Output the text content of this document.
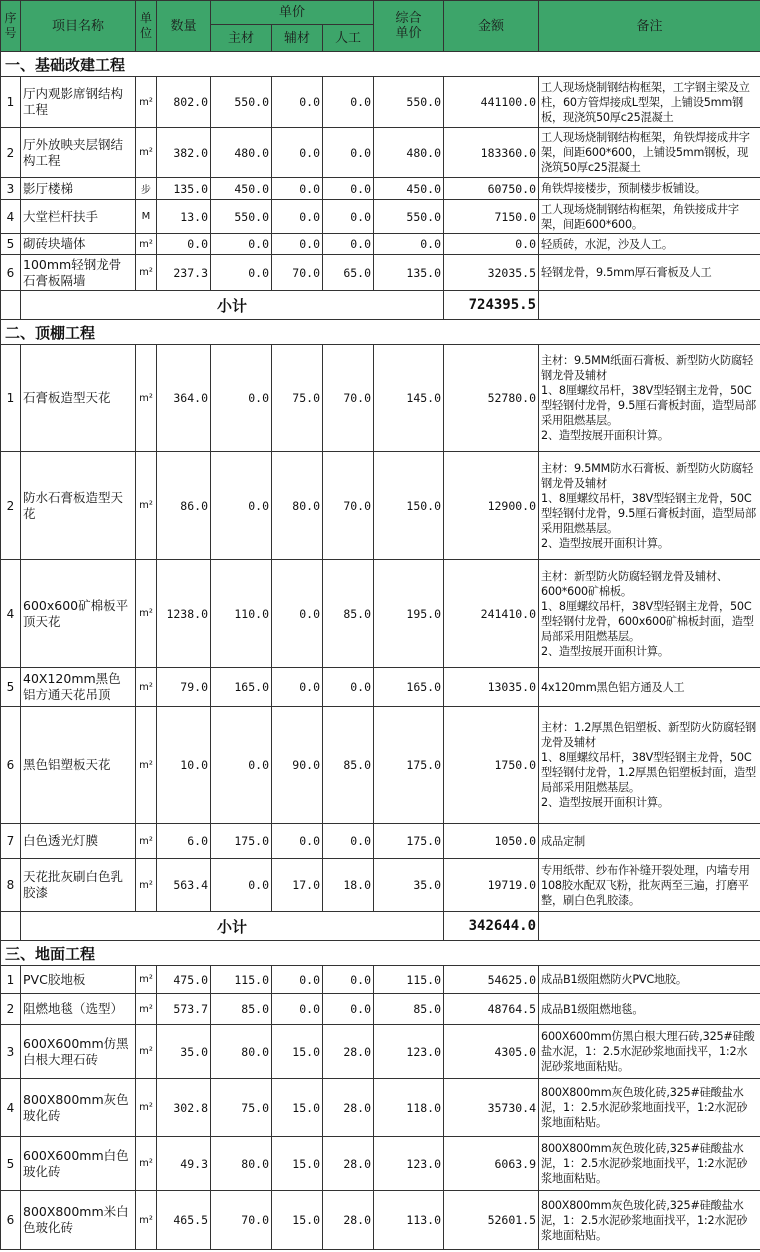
序号	项目名称	单位	数量	单价			综合单价	金额	备注
				主材	辅材	人工			
一、基础改建工程									
1	厅内观影席钢结构工程	m²	802.0	550.0	0.0	0.0	550.0	441100.0	工人现场烧制钢结构框架，工字钢主梁及立柱，60方管焊接成L型架，上铺设5mm钢板，现浇筑50厚c25混凝土
2	厅外放映夹层钢结构工程	m²	382.0	480.0	0.0	0.0	480.0	183360.0	工人现场烧制钢结构框架，角铁焊接成井字架，间距600*600，上铺设5mm钢板，现浇筑50厚c25混凝土
3	影厅楼梯	步	135.0	450.0	0.0	0.0	450.0	60750.0	角铁焊接楼步，预制楼步板铺设。
4	大堂栏杆扶手	M	13.0	550.0	0.0	0.0	550.0	7150.0	工人现场烧制钢结构框架，角铁接成井字架，间距600*600。
5	砌砖块墙体	m²	0.0	0.0	0.0	0.0	0.0	0.0	轻质砖，水泥，沙及人工。
6	100mm轻钢龙骨石膏板隔墙	m²	237.3	0.0	70.0	65.0	135.0	32035.5	轻钢龙骨，9.5mm厚石膏板及人工
	小计							724395.5	
二、顶棚工程									
1	石膏板造型天花	m²	364.0	0.0	75.0	70.0	145.0	52780.0	主材：9.5MM纸面石膏板、新型防火防腐轻钢龙骨及辅材
1、8厘螺纹吊杆，38V型轻钢主龙骨，50C型轻钢付龙骨，9.5厘石膏板封面，造型局部采用阻燃基层。
2、造型按展开面积计算。
2	防水石膏板造型天花	m²	86.0	0.0	80.0	70.0	150.0	12900.0	主材：9.5MM防水石膏板、新型防火防腐轻钢龙骨及辅材
1、8厘螺纹吊杆，38V型轻钢主龙骨，50C型轻钢付龙骨，9.5厘石膏板封面，造型局部采用阻燃基层。
2、造型按展开面积计算。
4	600x600矿棉板平顶天花	m²	1238.0	110.0	0.0	85.0	195.0	241410.0	主材：新型防火防腐轻钢龙骨及辅材、600*600矿棉板。
1、8厘螺纹吊杆，38V型轻钢主龙骨，50C型轻钢付龙骨，600x600矿棉板封面，造型局部采用阻燃基层。
2、造型按展开面积计算。
5	40X120mm黑色铝方通天花吊顶	m²	79.0	165.0	0.0	0.0	165.0	13035.0	4x120mm黑色铝方通及人工
6	黑色铝塑板天花	m²	10.0	0.0	90.0	85.0	175.0	1750.0	主材：1.2厚黑色铝塑板、新型防火防腐轻钢龙骨及辅材
1、8厘螺纹吊杆，38V型轻钢主龙骨，50C型轻钢付龙骨，1.2厚黑色铝塑板封面，造型局部采用阻燃基层。
2、造型按展开面积计算。
7	白色透光灯膜	m²	6.0	175.0	0.0	0.0	175.0	1050.0	成品定制
8	天花批灰刷白色乳胶漆	m²	563.4	0.0	17.0	18.0	35.0	19719.0	专用纸带、纱布作补缝开裂处理，内墙专用108胶水配双飞粉，批灰两至三遍，打磨平整，刷白色乳胶漆。
	小计							342644.0	
三、地面工程									
1	PVC胶地板	m²	475.0	115.0	0.0	0.0	115.0	54625.0	成品B1级阻燃防火PVC地胶。
2	阻燃地毯（选型）	m²	573.7	85.0	0.0	0.0	85.0	48764.5	成品B1级阻燃地毯。
3	600X600mm仿黑白根大理石砖	m²	35.0	80.0	15.0	28.0	123.0	4305.0	600X600mm仿黑白根大理石砖,325#硅酸盐水泥，1：2.5水泥砂浆地面找平，1:2水泥砂浆地面粘贴。
4	800X800mm灰色玻化砖	m²	302.8	75.0	15.0	28.0	118.0	35730.4	800X800mm灰色玻化砖,325#硅酸盐水泥，1：2.5水泥砂浆地面找平，1:2水泥砂浆地面粘贴。
5	600X600mm白色玻化砖	m²	49.3	80.0	15.0	28.0	123.0	6063.9	800X800mm灰色玻化砖,325#硅酸盐水泥，1：2.5水泥砂浆地面找平，1:2水泥砂浆地面粘贴。
6	800X800mm米白色玻化砖	m²	465.5	70.0	15.0	28.0	113.0	52601.5	800X800mm灰色玻化砖,325#硅酸盐水泥，1：2.5水泥砂浆地面找平，1:2水泥砂浆地面粘贴。
